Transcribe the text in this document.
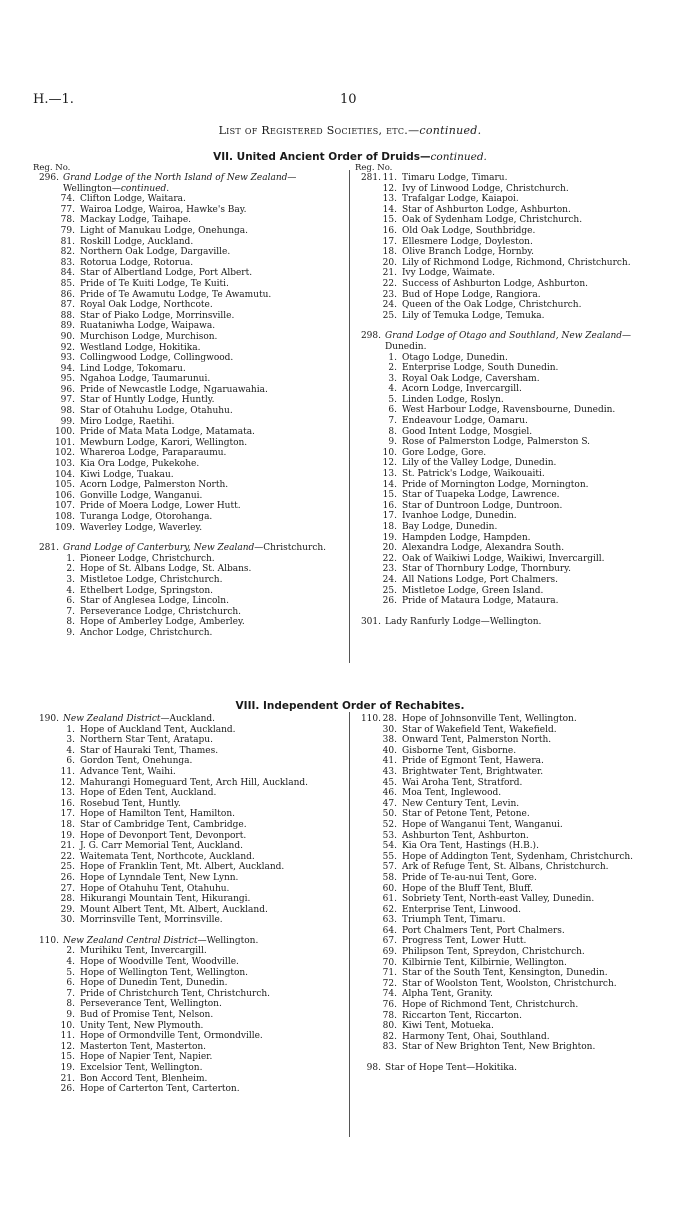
H.—1.	10
List of Registered Societies, etc.—continued.
VII. United Ancient Order of Druids—continued.
Reg. No.	Reg. No.
296. Grand Lodge of the North Island of New Zealand—Wellington—continued.
74. Clifton Lodge, Waitara.
77. Wairoa Lodge, Wairoa, Hawke's Bay.
78. Mackay Lodge, Taihape.
79. Light of Manukau Lodge, Onehunga.
81. Roskill Lodge, Auckland.
82. Northern Oak Lodge, Dargaville.
83. Rotorua Lodge, Rotorua.
84. Star of Albertland Lodge, Port Albert.
85. Pride of Te Kuiti Lodge, Te Kuiti.
86. Pride of Te Awamutu Lodge, Te Awamutu.
87. Royal Oak Lodge, Northcote.
88. Star of Piako Lodge, Morrinsville.
89. Ruataniwha Lodge, Waipawa.
90. Murchison Lodge, Murchison.
92. Westland Lodge, Hokitika.
93. Collingwood Lodge, Collingwood.
94. Lind Lodge, Tokomaru.
95. Ngahoa Lodge, Taumarunui.
96. Pride of Newcastle Lodge, Ngaruawahia.
97. Star of Huntly Lodge, Huntly.
98. Star of Otahuhu Lodge, Otahuhu.
99. Miro Lodge, Raetihi.
100. Pride of Mata Mata Lodge, Matamata.
101. Mewburn Lodge, Karori, Wellington.
102. Whareroa Lodge, Paraparaumu.
103. Kia Ora Lodge, Pukekohe.
104. Kiwi Lodge, Tuakau.
105. Acorn Lodge, Palmerston North.
106. Gonville Lodge, Wanganui.
107. Pride of Moera Lodge, Lower Hutt.
108. Turanga Lodge, Otorohanga.
109. Waverley Lodge, Waverley.
281. Grand Lodge of Canterbury, New Zealand—Christchurch.
1. Pioneer Lodge, Christchurch.
2. Hope of St. Albans Lodge, St. Albans.
3. Mistletoe Lodge, Christchurch.
4. Ethelbert Lodge, Springston.
6. Star of Anglesea Lodge, Lincoln.
7. Perseverance Lodge, Christchurch.
8. Hope of Amberley Lodge, Amberley.
9. Anchor Lodge, Christchurch.
281. 11. Timaru Lodge, Timaru.
12. Ivy of Linwood Lodge, Christchurch.
13. Trafalgar Lodge, Kaiapoi.
14. Star of Ashburton Lodge, Ashburton.
15. Oak of Sydenham Lodge, Christchurch.
16. Old Oak Lodge, Southbridge.
17. Ellesmere Lodge, Doyleston.
18. Olive Branch Lodge, Hornby.
20. Lily of Richmond Lodge, Richmond, Christchurch.
21. Ivy Lodge, Waimate.
22. Success of Ashburton Lodge, Ashburton.
23. Bud of Hope Lodge, Rangiora.
24. Queen of the Oak Lodge, Christchurch.
25. Lily of Temuka Lodge, Temuka.
298. Grand Lodge of Otago and Southland, New Zealand—Dunedin.
1. Otago Lodge, Dunedin.
2. Enterprise Lodge, South Dunedin.
3. Royal Oak Lodge, Caversham.
4. Acorn Lodge, Invercargill.
5. Linden Lodge, Roslyn.
6. West Harbour Lodge, Ravensbourne, Dunedin.
7. Endeavour Lodge, Oamaru.
8. Good Intent Lodge, Mosgiel.
9. Rose of Palmerston Lodge, Palmerston S.
10. Gore Lodge, Gore.
12. Lily of the Valley Lodge, Dunedin.
13. St. Patrick's Lodge, Waikouaiti.
14. Pride of Mornington Lodge, Mornington.
15. Star of Tuapeka Lodge, Lawrence.
16. Star of Duntroon Lodge, Duntroon.
17. Ivanhoe Lodge, Dunedin.
18. Bay Lodge, Dunedin.
19. Hampden Lodge, Hampden.
20. Alexandra Lodge, Alexandra South.
22. Oak of Waikiwi Lodge, Waikiwi, Invercargill.
23. Star of Thornbury Lodge, Thornbury.
24. All Nations Lodge, Port Chalmers.
25. Mistletoe Lodge, Green Island.
26. Pride of Mataura Lodge, Mataura.
301. Lady Ranfurly Lodge—Wellington.
VIII. Independent Order of Rechabites.
190. New Zealand District—Auckland.
1. Hope of Auckland Tent, Auckland.
3. Northern Star Tent, Aratapu.
4. Star of Hauraki Tent, Thames.
6. Gordon Tent, Onehunga.
11. Advance Tent, Waihi.
12. Mahurangi Homeguard Tent, Arch Hill, Auckland.
13. Hope of Eden Tent, Auckland.
16. Rosebud Tent, Huntly.
17. Hope of Hamilton Tent, Hamilton.
18. Star of Cambridge Tent, Cambridge.
19. Hope of Devonport Tent, Devonport.
21. J. G. Carr Memorial Tent, Auckland.
22. Waitemata Tent, Northcote, Auckland.
25. Hope of Franklin Tent, Mt. Albert, Auckland.
26. Hope of Lynndale Tent, New Lynn.
27. Hope of Otahuhu Tent, Otahuhu.
28. Hikurangi Mountain Tent, Hikurangi.
29. Mount Albert Tent, Mt. Albert, Auckland.
30. Morrinsville Tent, Morrinsville.
110. New Zealand Central District—Wellington.
2. Murihiku Tent, Invercargill.
4. Hope of Woodville Tent, Woodville.
5. Hope of Wellington Tent, Wellington.
6. Hope of Dunedin Tent, Dunedin.
7. Pride of Christchurch Tent, Christchurch.
8. Perseverance Tent, Wellington.
9. Bud of Promise Tent, Nelson.
10. Unity Tent, New Plymouth.
11. Hope of Ormondville Tent, Ormondville.
12. Masterton Tent, Masterton.
15. Hope of Napier Tent, Napier.
19. Excelsior Tent, Wellington.
21. Bon Accord Tent, Blenheim.
26. Hope of Carterton Tent, Carterton.
110. 28. Hope of Johnsonville Tent, Wellington.
30. Star of Wakefield Tent, Wakefield.
38. Onward Tent, Palmerston North.
40. Gisborne Tent, Gisborne.
41. Pride of Egmont Tent, Hawera.
43. Brightwater Tent, Brightwater.
45. Wai Aroha Tent, Stratford.
46. Moa Tent, Inglewood.
47. New Century Tent, Levin.
50. Star of Petone Tent, Petone.
52. Hope of Wanganui Tent, Wanganui.
53. Ashburton Tent, Ashburton.
54. Kia Ora Tent, Hastings (H.B.).
55. Hope of Addington Tent, Sydenham, Christchurch.
57. Ark of Refuge Tent, St. Albans, Christchurch.
58. Pride of Te-au-nui Tent, Gore.
60. Hope of the Bluff Tent, Bluff.
61. Sobriety Tent, North-east Valley, Dunedin.
62. Enterprise Tent, Linwood.
63. Triumph Tent, Timaru.
64. Port Chalmers Tent, Port Chalmers.
67. Progress Tent, Lower Hutt.
69. Philipson Tent, Spreydon, Christchurch.
70. Kilbirnie Tent, Kilbirnie, Wellington.
71. Star of the South Tent, Kensington, Dunedin.
72. Star of Woolston Tent, Woolston, Christchurch.
74. Alpha Tent, Granity.
76. Hope of Richmond Tent, Christchurch.
78. Riccarton Tent, Riccarton.
80. Kiwi Tent, Motueka.
82. Harmony Tent, Ohai, Southland.
83. Star of New Brighton Tent, New Brighton.
98. Star of Hope Tent—Hokitika.
